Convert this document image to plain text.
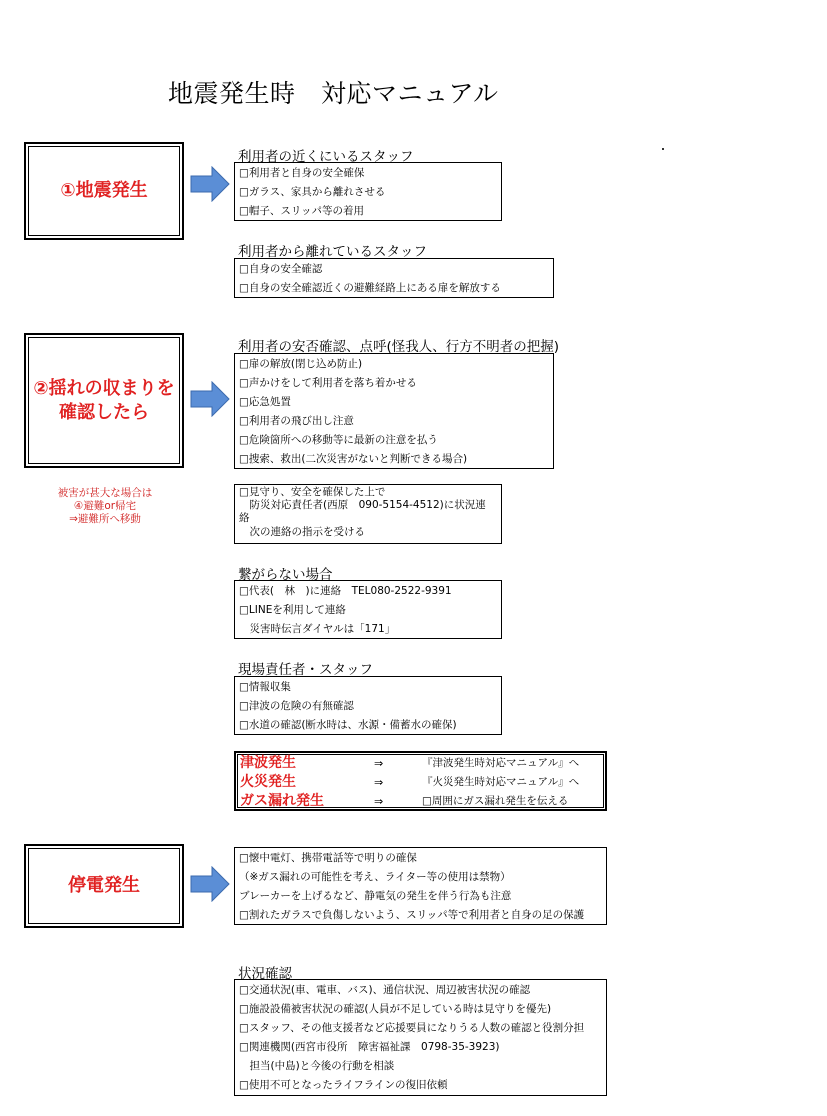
地震発生時　対応マニュアル
①地震発生
利用者の近くにいるスタッフ
□利用者と自身の安全確保
□ガラス、家具から離れさせる
□帽子、スリッパ等の着用
利用者から離れているスタッフ
□自身の安全確認
□自身の安全確認近くの避難経路上にある扉を解放する
②揺れの収まりを
確認したら
利用者の安否確認、点呼(怪我人、行方不明者の把握)
□扉の解放(閉じ込め防止)
□声かけをして利用者を落ち着かせる
□応急処置
□利用者の飛び出し注意
□危険箇所への移動等に最新の注意を払う
□捜索、救出(二次災害がないと判断できる場合)
被害が甚大な場合は
④避難or帰宅
⇒避難所へ移動
□見守り、安全を確保した上で
　防災対応責任者(西原　090-5154-4512)に状況連
絡
　次の連絡の指示を受ける
繋がらない場合
□代表(　林　)に連絡　TEL080-2522-9391
□LINEを利用して連絡
　災害時伝言ダイヤルは「171」
現場責任者・スタッフ
□情報収集
□津波の危険の有無確認
□水道の確認(断水時は、水源・備蓄水の確保)
津波発生	⇒	『津波発生時対応マニュアル』へ
火災発生	⇒	『火災発生時対応マニュアル』へ
ガス漏れ発生	⇒	□周囲にガス漏れ発生を伝える
停電発生
□懐中電灯、携帯電話等で明りの確保
（※ガス漏れの可能性を考え、ライター等の使用は禁物）
ブレーカーを上げるなど、静電気の発生を伴う行為も注意
□割れたガラスで負傷しないよう、スリッパ等で利用者と自身の足の保護
状況確認
□交通状況(車、電車、バス)、通信状況、周辺被害状況の確認
□施設設備被害状況の確認(人員が不足している時は見守りを優先)
□スタッフ、その他支援者など応援要員になりうる人数の確認と役割分担
□関連機関(西宮市役所　障害福祉課　0798-35-3923)
　担当(中島)と今後の行動を相談
□使用不可となったライフラインの復旧依頼
